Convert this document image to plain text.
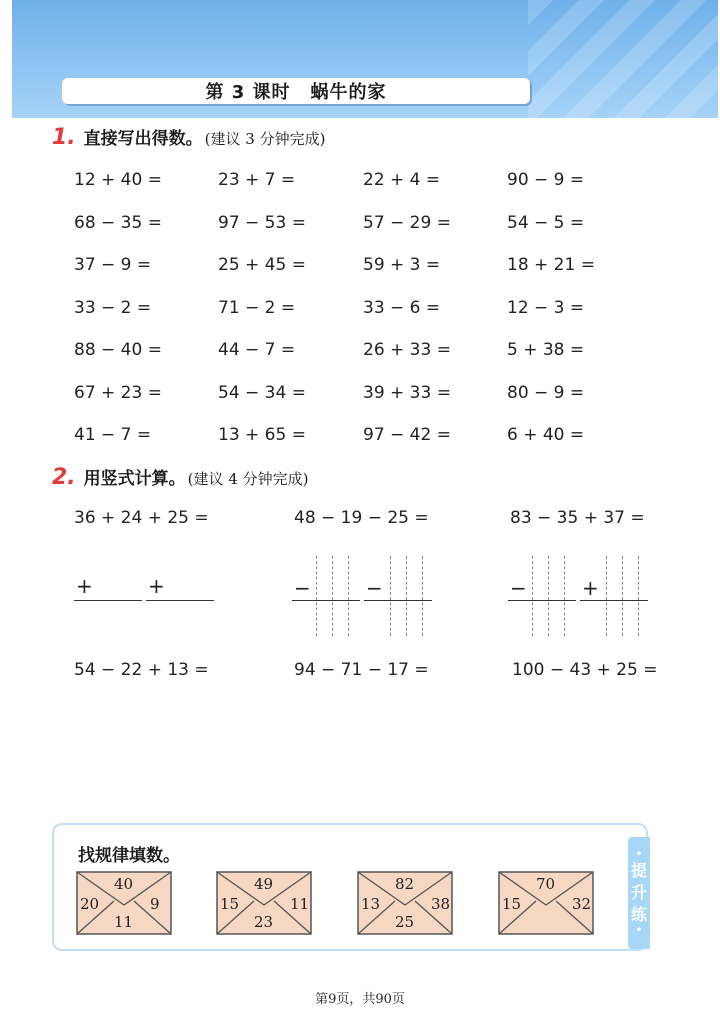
第 3 课时 蜗牛的家
1. 直接写出得数。 (建议 3 分钟完成)
12 + 40 =	23 + 7 =	22 + 4 =	90 − 9 =
68 − 35 =	97 − 53 =	57 − 29 =	54 − 5 =
37 − 9 =	25 + 45 =	59 + 3 =	18 + 21 =
33 − 2 =	71 − 2 =	33 − 6 =	12 − 3 =
88 − 40 =	44 − 7 =	26 + 33 =	5 + 38 =
67 + 23 =	54 − 34 =	39 + 33 =	80 − 9 =
41 − 7 =	13 + 65 =	97 − 42 =	6 + 40 =
2. 用竖式计算。 (建议 4 分钟完成)
36 + 24 + 25 =	48 − 19 − 25 =	83 − 35 + 37 =
+	+	−	−	−	+
54 − 22 + 13 =	94 − 71 − 17 =	100 − 43 + 25 =
找规律填数。	•
提
升
练
•
40
20	9
11
49
15	11
23
82
13	38
25
70
15	32
第9页，共90页
